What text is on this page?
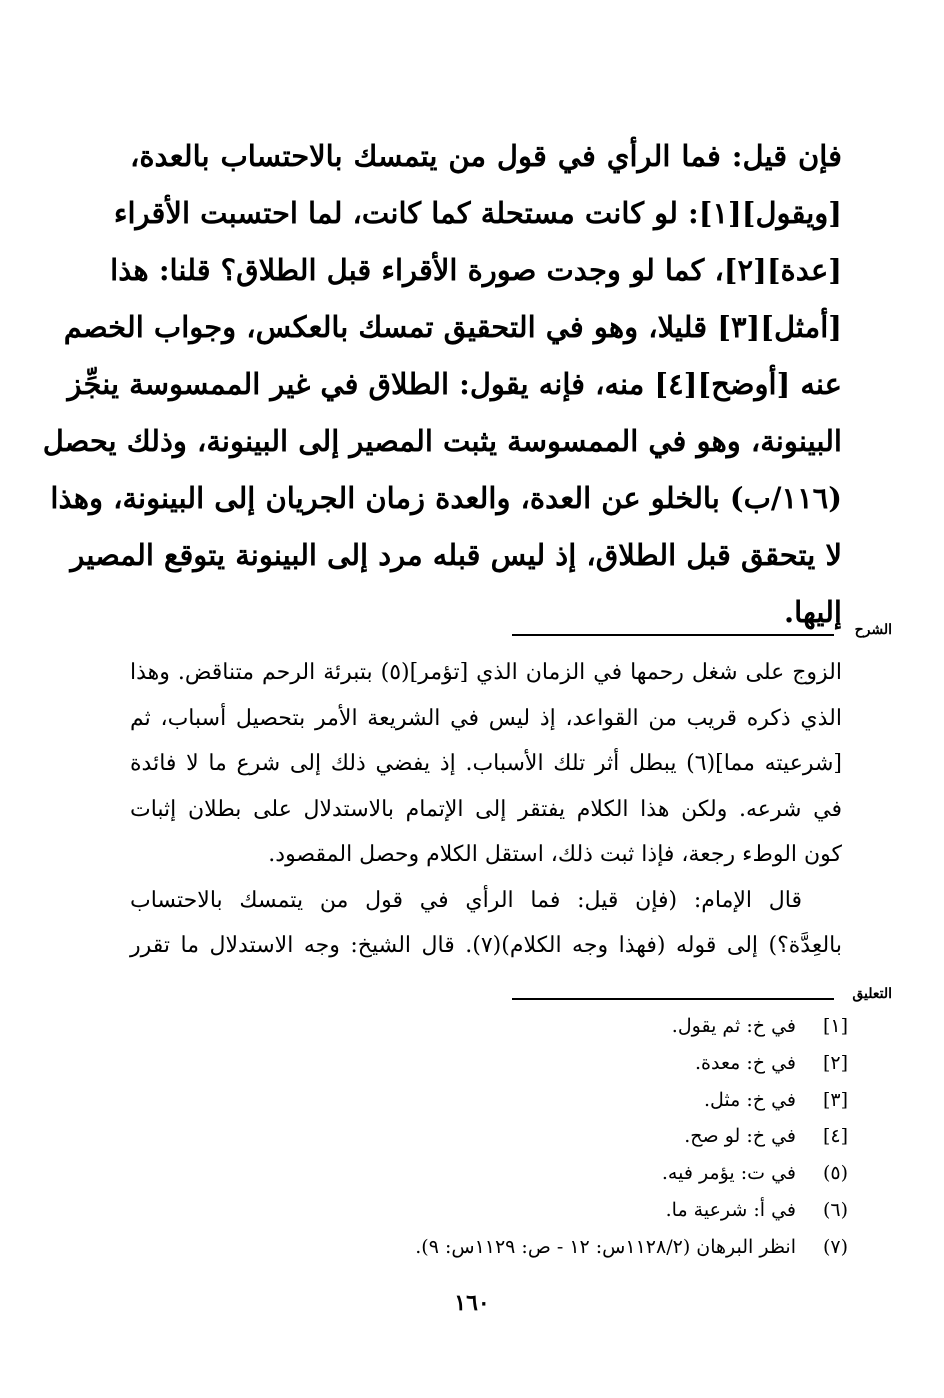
فإن قيل: فما الرأي في قول من يتمسك بالاحتساب بالعدة،
[ويقول][١]: لو كانت مستحلة كما كانت، لما احتسبت الأقراء
[عدة][٢]، كما لو وجدت صورة الأقراء قبل الطلاق؟ قلنا: هذا
[أمثل][٣] قليلا، وهو في التحقيق تمسك بالعكس، وجواب الخصم
عنه [أوضح][٤] منه، فإنه يقول: الطلاق في غير الممسوسة ينجِّز
البينونة، وهو في الممسوسة يثبت المصير إلى البينونة، وذلك يحصل
(١١٦/ب) بالخلو عن العدة، والعدة زمان الجريان إلى البينونة، وهذا
لا يتحقق قبل الطلاق، إذ ليس قبله مرد إلى البينونة يتوقع المصير
إليها.
الشرح
الزوج على شغل رحمها في الزمان الذي [تؤمر](٥) بتبرئة الرحم متناقض. وهذا
الذي ذكره قريب من القواعد، إذ ليس في الشريعة الأمر بتحصيل أسباب، ثم
[شرعيته مما](٦) يبطل أثر تلك الأسباب. إذ يفضي ذلك إلى شرع ما لا فائدة
في شرعه. ولكن هذا الكلام يفتقر إلى الإتمام بالاستدلال على بطلان إثبات
كون الوطء رجعة، فإذا ثبت ذلك، استقل الكلام وحصل المقصود.
قال الإمام: (فإن قيل: فما الرأي في قول من يتمسك بالاحتساب
بالعِدَّة؟) إلى قوله (فهذا وجه الكلام)(٧). قال الشيخ: وجه الاستدلال ما تقرر
التعليق
[١]في خ: ثم يقول.
[٢]في خ: معدة.
[٣]في خ: مثل.
[٤]في خ: لو صح.
(٥)في ت: يؤمر فيه.
(٦)في أ: شرعية ما.
(٧)انظر البرهان (١١٢٨/٢س: ١٢ - ص: ١١٢٩س: ٩).
١٦٠
